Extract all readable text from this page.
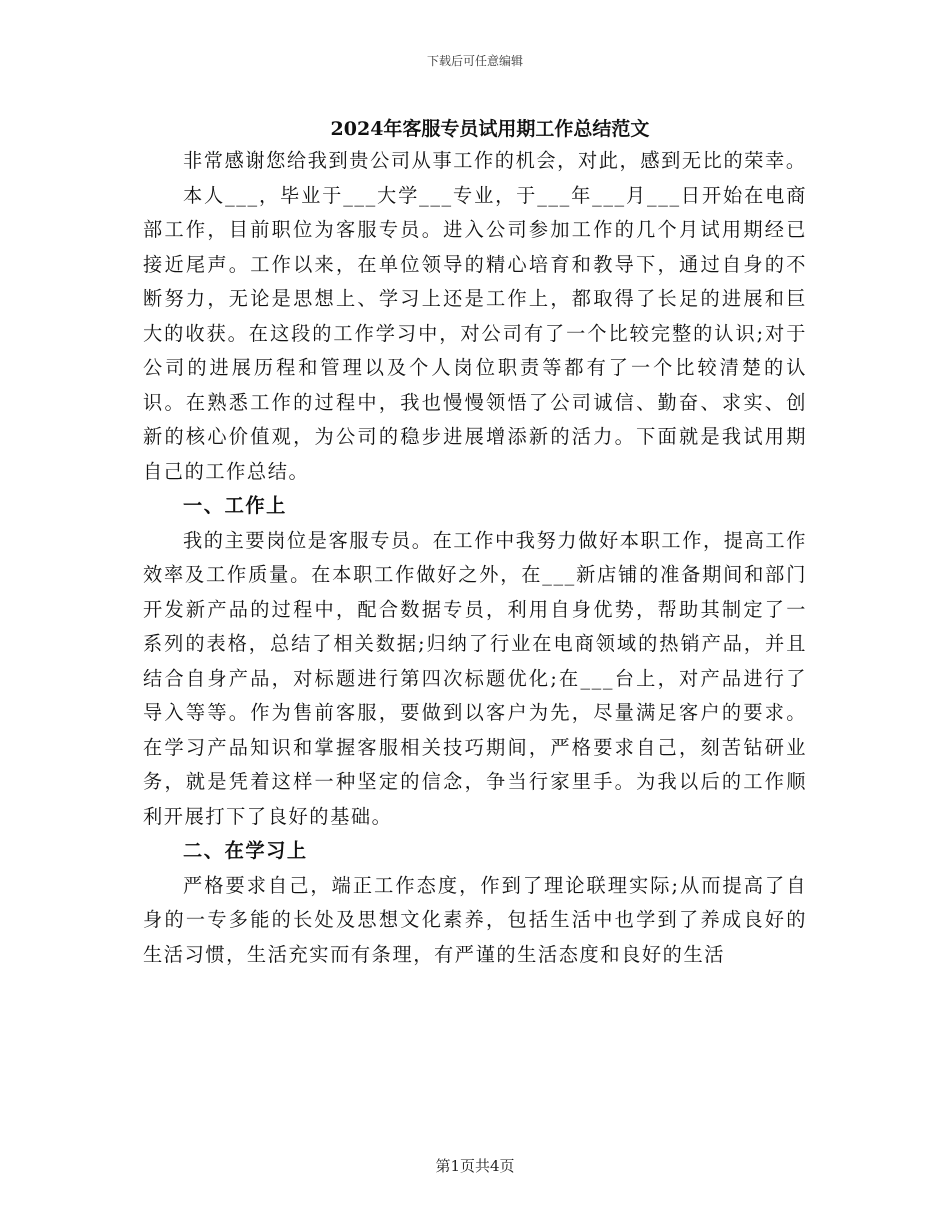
下载后可任意编辑
2024年客服专员试用期工作总结范文

非常感谢您给我到贵公司从事工作的机会，对此，感到无比的荣幸。

本人___，毕业于___大学___专业，于___年___月___日开始在电商部工作，目前职位为客服专员。进入公司参加工作的几个月试用期经已接近尾声。工作以来，在单位领导的精心培育和教导下，通过自身的不断努力，无论是思想上、学习上还是工作上，都取得了长足的进展和巨大的收获。在这段的工作学习中，对公司有了一个比较完整的认识;对于公司的进展历程和管理以及个人岗位职责等都有了一个比较清楚的认识。在熟悉工作的过程中，我也慢慢领悟了公司诚信、勤奋、求实、创新的核心价值观，为公司的稳步进展增添新的活力。下面就是我试用期自己的工作总结。

一、工作上

我的主要岗位是客服专员。在工作中我努力做好本职工作，提高工作效率及工作质量。在本职工作做好之外，在___新店铺的准备期间和部门开发新产品的过程中，配合数据专员，利用自身优势，帮助其制定了一系列的表格，总结了相关数据;归纳了行业在电商领域的热销产品，并且结合自身产品，对标题进行第四次标题优化;在___台上，对产品进行了导入等等。作为售前客服，要做到以客户为先，尽量满足客户的要求。在学习产品知识和掌握客服相关技巧期间，严格要求自己，刻苦钻研业务，就是凭着这样一种坚定的信念，争当行家里手。为我以后的工作顺利开展打下了良好的基础。

二、在学习上

严格要求自己，端正工作态度，作到了理论联理实际;从而提高了自身的一专多能的长处及思想文化素养，包括生活中也学到了养成良好的生活习惯，生活充实而有条理，有严谨的生活态度和良好的生活

第1页共4页
